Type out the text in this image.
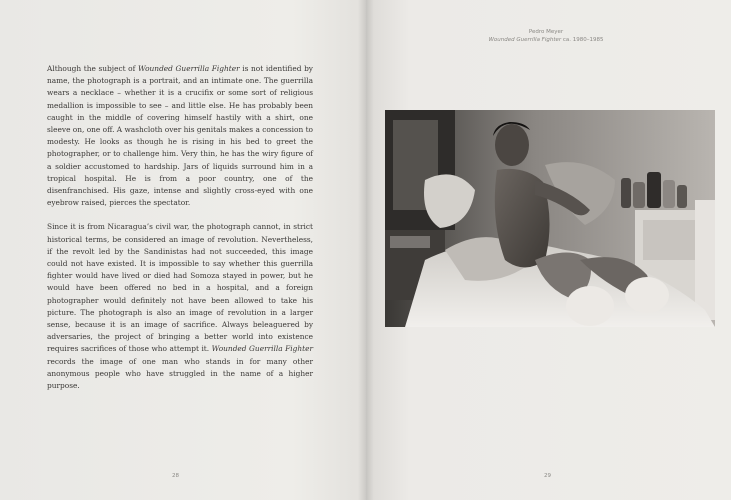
Although the subject of Wounded Guerrilla Fighter is not identified by name, the photograph is a portrait, and an intimate one. The guerrilla wears a necklace – whether it is a crucifix or some sort of religious medallion is impossible to see – and little else. He has probably been caught in the middle of covering himself hastily with a shirt, one sleeve on, one off. A washcloth over his genitals makes a concession to modesty. He looks as though he is rising in his bed to greet the photographer, or to challenge him. Very thin, he has the wiry figure of a soldier accustomed to hardship. Jars of liquids surround him in a tropical hospital. He is from a poor country, one of the disenfranchised. His gaze, intense and slightly cross-eyed with one eyebrow raised, pierces the spectator.

Since it is from Nicaragua’s civil war, the photograph cannot, in strict historical terms, be considered an image of revolution. Nevertheless, if the revolt led by the Sandinistas had not succeeded, this image could not have existed. It is impossible to say whether this guerrilla fighter would have lived or died had Somoza stayed in power, but he would have been offered no bed in a hospital, and a foreign photographer would definitely not have been allowed to take his picture. The photograph is also an image of revolution in a larger sense, because it is an image of sacrifice. Always beleaguered by adversaries, the project of bringing a better world into existence requires sacrifices of those who attempt it. Wounded Guerrilla Fighter records the image of one man who stands in for many other anonymous people who have struggled in the name of a higher purpose.

28
Pedro Meyer
Wounded Guerrilla Fighter ca. 1980–1985
29
